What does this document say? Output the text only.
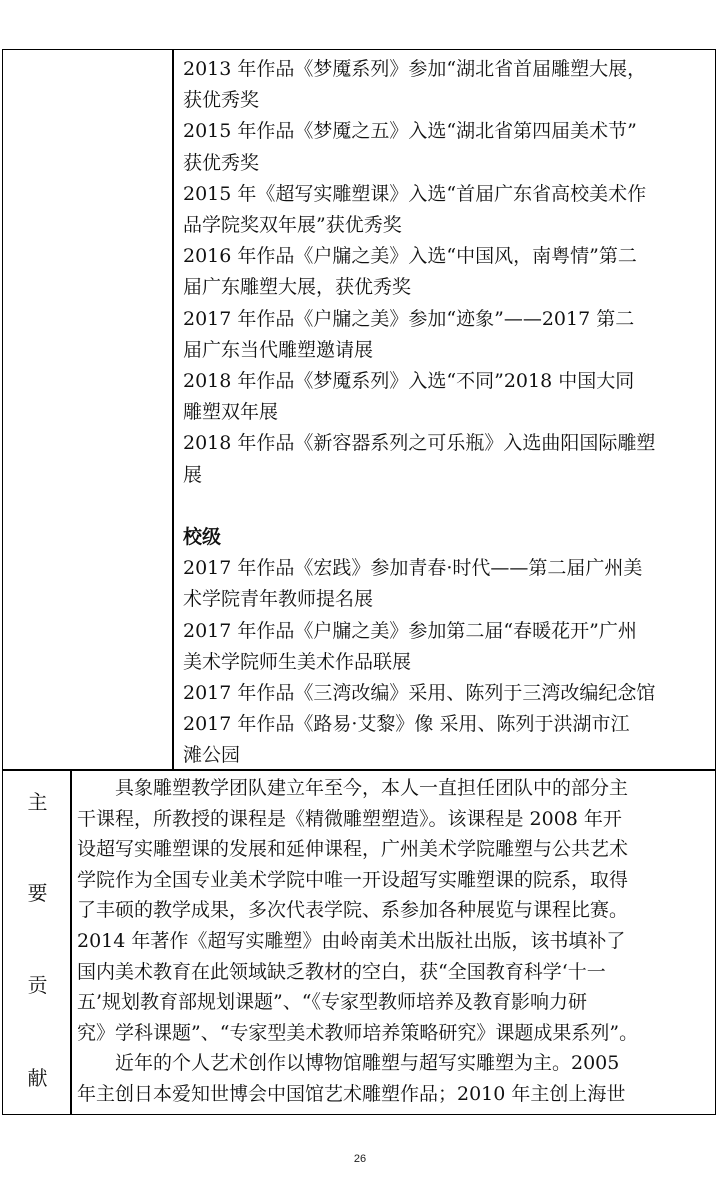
2013 年作品《梦魇系列》参加“湖北省首届雕塑大展，
获优秀奖
2015 年作品《梦魇之五》入选“湖北省第四届美术节”
获优秀奖
2015 年《超写实雕塑课》入选“首届广东省高校美术作
品学院奖双年展”获优秀奖
2016 年作品《户牖之美》入选“中国风，南粤情”第二
届广东雕塑大展，获优秀奖
2017 年作品《户牖之美》参加“迹象”——2017 第二
届广东当代雕塑邀请展
2018 年作品《梦魇系列》入选“不同”2018 中国大同
雕塑双年展
2018 年作品《新容器系列之可乐瓶》入选曲阳国际雕塑
展
校级
2017 年作品《宏践》参加青春·时代——第二届广州美
术学院青年教师提名展
2017 年作品《户牖之美》参加第二届“春暖花开”广州
美术学院师生美术作品联展
2017 年作品《三湾改编》采用、陈列于三湾改编纪念馆
2017 年作品《路易·艾黎》像 采用、陈列于洪湖市江
滩公园
主
要
贡
献
　　具象雕塑教学团队建立年至今，本人一直担任团队中的部分主
干课程，所教授的课程是《精微雕塑塑造》。该课程是 2008 年开
设超写实雕塑课的发展和延伸课程，广州美术学院雕塑与公共艺术
学院作为全国专业美术学院中唯一开设超写实雕塑课的院系，取得
了丰硕的教学成果，多次代表学院、系参加各种展览与课程比赛。
2014 年著作《超写实雕塑》由岭南美术出版社出版，该书填补了
国内美术教育在此领域缺乏教材的空白，获“全国教育科学‘十一
五’规划教育部规划课题”、“《专家型教师培养及教育影响力研
究》学科课题”、“专家型美术教师培养策略研究》课题成果系列”。
　　近年的个人艺术创作以博物馆雕塑与超写实雕塑为主。2005
年主创日本爱知世博会中国馆艺术雕塑作品；2010 年主创上海世
26
